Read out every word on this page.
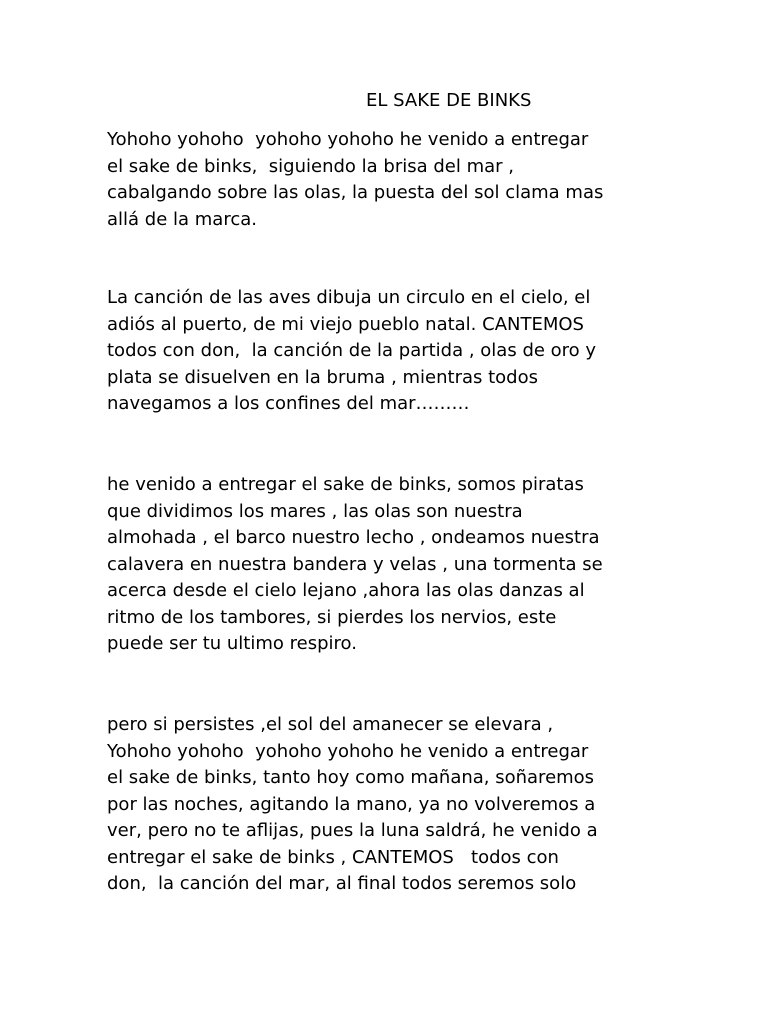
EL SAKE DE BINKS
Yohoho yohoho  yohoho yohoho he venido a entregar
el sake de binks,  siguiendo la brisa del mar ,
cabalgando sobre las olas, la puesta del sol clama mas
allá de la marca.
La canción de las aves dibuja un circulo en el cielo, el
adiós al puerto, de mi viejo pueblo natal. CANTEMOS
todos con don,  la canción de la partida , olas de oro y
plata se disuelven en la bruma , mientras todos
navegamos a los confines del mar………
he venido a entregar el sake de binks, somos piratas
que dividimos los mares , las olas son nuestra
almohada , el barco nuestro lecho , ondeamos nuestra
calavera en nuestra bandera y velas , una tormenta se
acerca desde el cielo lejano ,ahora las olas danzas al
ritmo de los tambores, si pierdes los nervios, este
puede ser tu ultimo respiro.
pero si persistes ,el sol del amanecer se elevara ,
Yohoho yohoho  yohoho yohoho he venido a entregar
el sake de binks, tanto hoy como mañana, soñaremos
por las noches, agitando la mano, ya no volveremos a
ver, pero no te aflijas, pues la luna saldrá, he venido a
entregar el sake de binks , CANTEMOS   todos con
don,  la canción del mar, al final todos seremos solo
